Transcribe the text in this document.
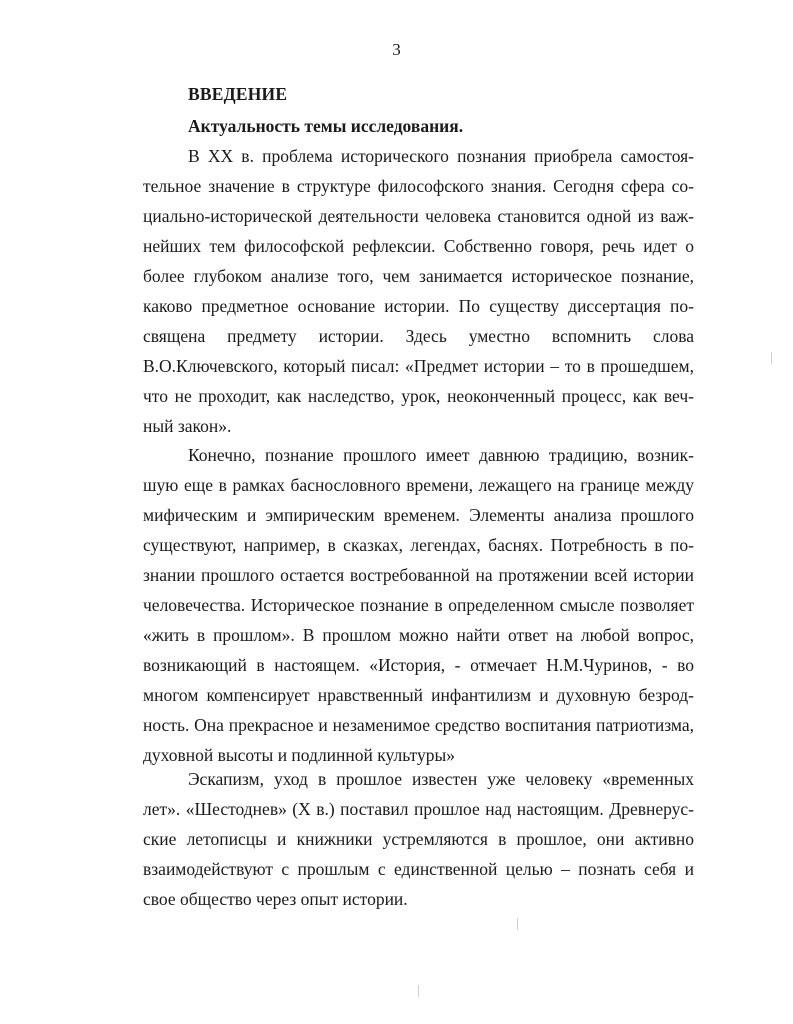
3
ВВЕДЕНИЕ
Актуальность темы исследования.
В XX в. проблема исторического познания приобрела самостоя-
тельное значение в структуре философского знания. Сегодня сфера со-
циально-исторической деятельности человека становится одной из важ-
нейших тем философской рефлексии. Собственно говоря, речь идет о
более глубоком анализе того, чем занимается историческое познание,
каково предметное основание истории. По существу диссертация по-
священа предмету истории. Здесь уместно вспомнить слова
В.О.Ключевского, который писал: «Предмет истории – то в прошедшем,
что не проходит, как наследство, урок, неоконченный процесс, как веч-
ный закон».
Конечно, познание прошлого имеет давнюю традицию, возник-
шую еще в рамках баснословного времени, лежащего на границе между
мифическим и эмпирическим временем. Элементы анализа прошлого
существуют, например, в сказках, легендах, баснях. Потребность в по-
знании прошлого остается востребованной на протяжении всей истории
человечества. Историческое познание в определенном смысле позволяет
«жить в прошлом». В прошлом можно найти ответ на любой вопрос,
возникающий в настоящем. «История, - отмечает Н.М.Чуринов, - во
многом компенсирует нравственный инфантилизм и духовную безрод-
ность. Она прекрасное и незаменимое средство воспитания патриотизма,
духовной высоты и подлинной культуры»
Эскапизм, уход в прошлое известен уже человеку «временных
лет». «Шестоднев» (X в.) поставил прошлое над настоящим. Древнерус-
ские летописцы и книжники устремляются в прошлое, они активно
взаимодействуют с прошлым с единственной целью – познать себя и
свое общество через опыт истории.
